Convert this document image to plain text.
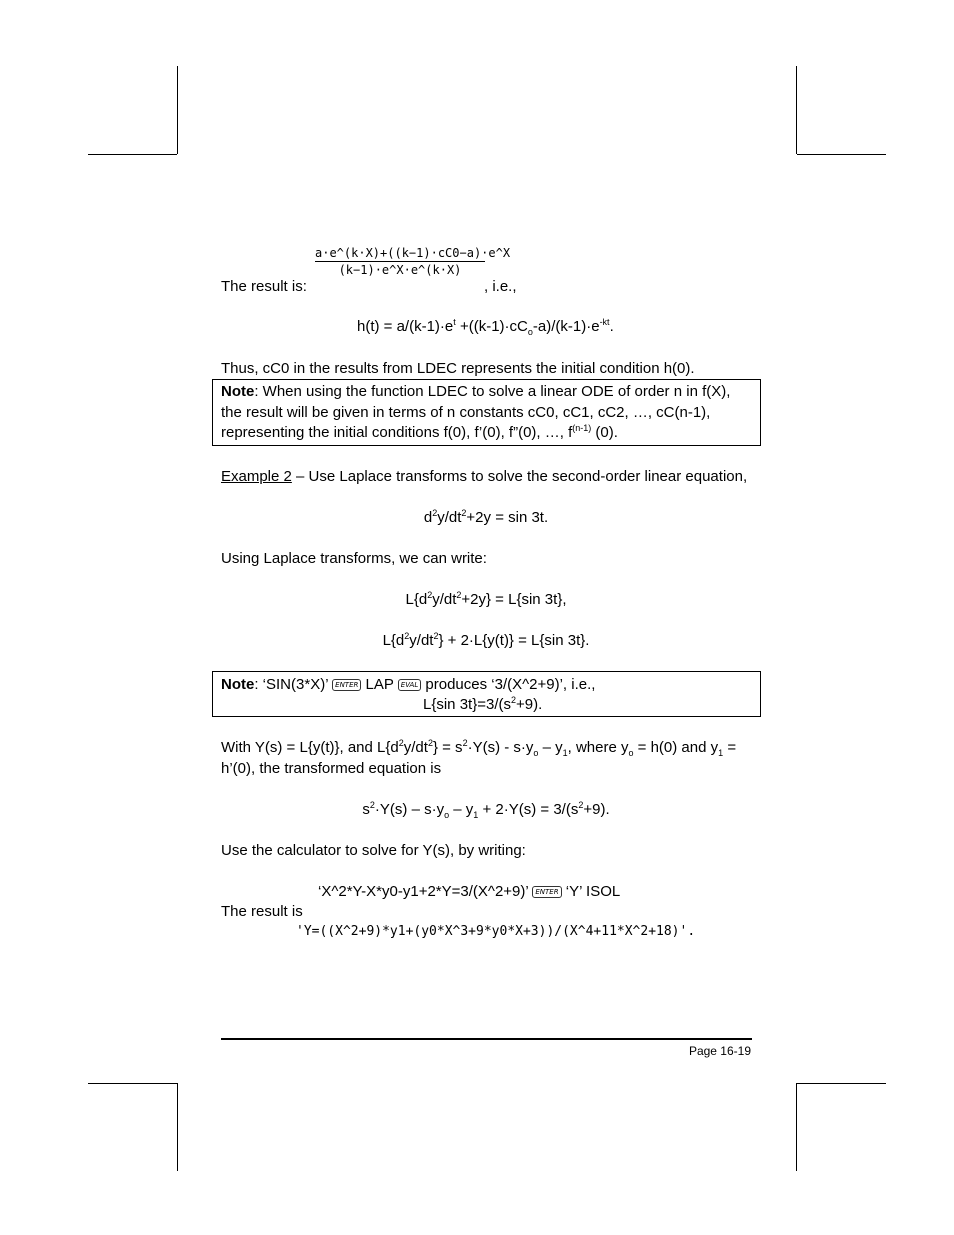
The result is:
$\frac{a\cdot e\^{}(k\cdot X)+((k-1)\cdot cC0-a)\cdot e\^{}X}{(k-1)\cdot e\^{}X\cdot e\^{}(k\cdot X)}$
, i.e.,
$h(t) = a/(k-1)\cdot e^t +((k-1)\cdot cC_o-a)/(k-1)\cdot e^{-kt}$.
Thus, cC0 in the results from LDEC represents the initial condition h(0).
Note: When using the function LDEC to solve a linear ODE of order n in f(X),
the result will be given in terms of n constants cC0, cC1, cC2, …, cC(n-1),
representing the initial conditions f(0), f’(0), f”(0), …, $f^{(n-1)}$ (0).
Example 2 – Use Laplace transforms to solve the second-order linear equation,
$d^2y/dt^2+2y = \sin 3t$.
Using Laplace transforms, we can write:
$L\{d^2y/dt^2+2y\} = L\{\sin$ 3t},
$L\{d^2y/dt^2\} + 2\cdot L\{y(t)\} = L\{\sin$ 3t}.
Note: ‘SIN(3*X)’ ENTER LAP EVAL produces ‘3/(X^2+9)’, i.e.,
L{sin $3t\}=3/(s^2+9)$.
With Y(s) = L{y(t)}, and $L\{d^2y/dt^2\} = s^2\cdot Y(s) - s\cdot y_o - y_1$, where $y_o = h(0)$ and $y_1$ =
h’(0), the transformed equation is
$s^2\cdot Y(s) - s\cdot y_o - y_1 + 2\cdot Y(s) = 3/(s^2+9)$.
Use the calculator to solve for Y(s), by writing:
‘X^2*Y-X*y0-y1+2*Y=3/(X^2+9)’ ENTER ‘Y’ ISOL
The result is
'Y=((X^2+9)*y1+(y0*X^3+9*y0*X+3))/(X^4+11*X^2+18)'.
Page 16-19
